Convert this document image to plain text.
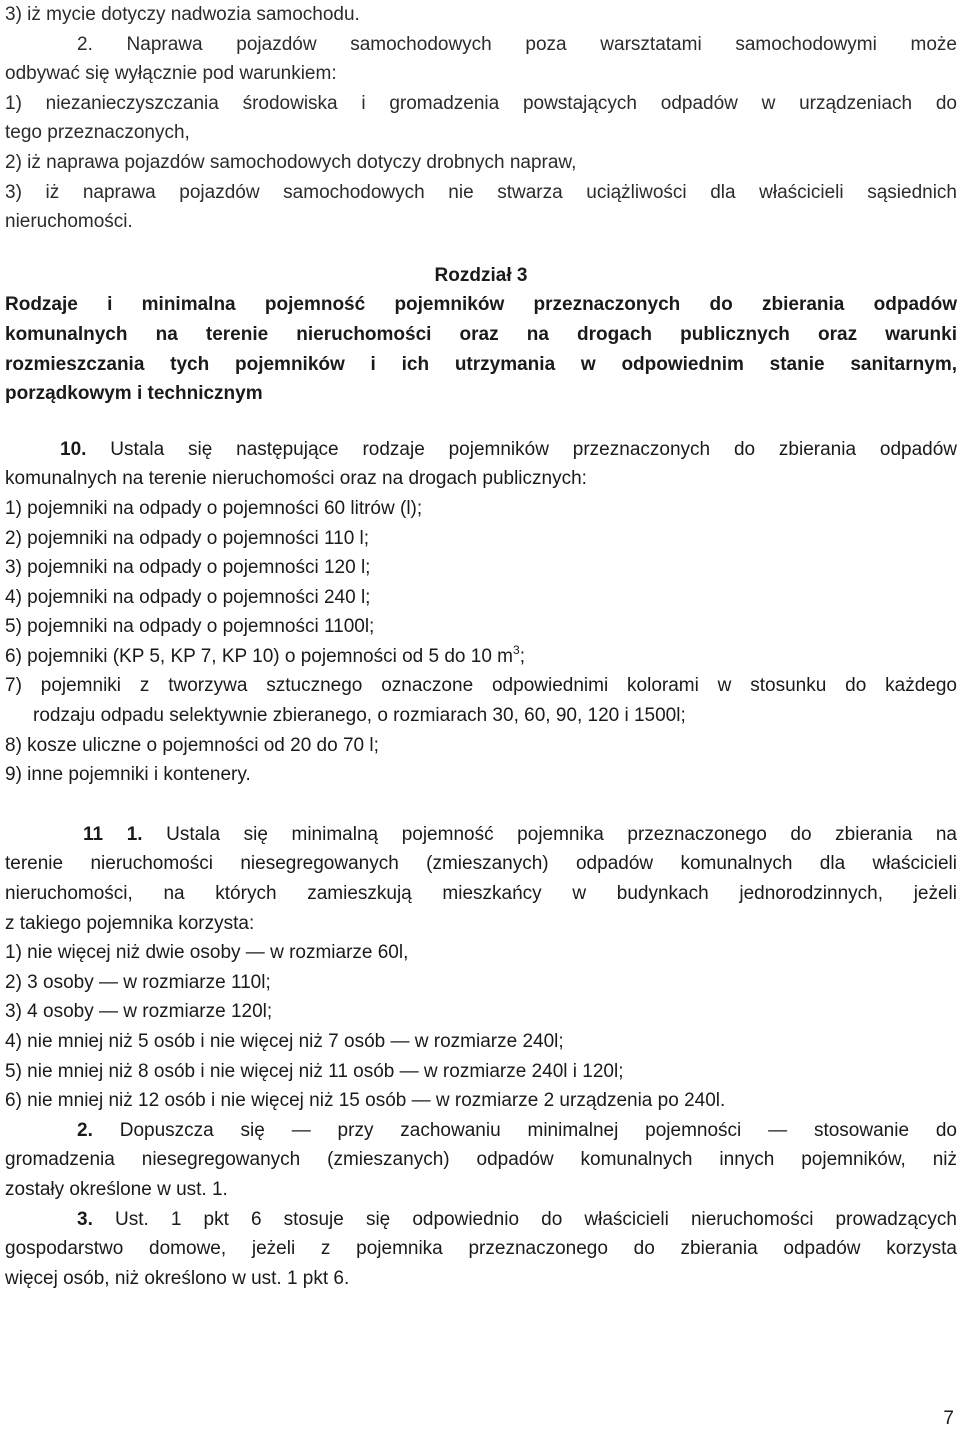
3) iż mycie dotyczy nadwozia samochodu.

2. Naprawa pojazdów samochodowych poza warsztatami samochodowymi może

odbywać się wyłącznie pod warunkiem:

1) niezanieczyszczania środowiska i gromadzenia powstających odpadów w urządzeniach do

tego przeznaczonych,

2) iż naprawa pojazdów samochodowych dotyczy drobnych napraw,

3) iż naprawa pojazdów samochodowych nie stwarza uciążliwości dla właścicieli sąsiednich

nieruchomości.

Rozdział 3

Rodzaje i minimalna pojemność pojemników przeznaczonych do zbierania odpadów

komunalnych na terenie nieruchomości oraz na drogach publicznych oraz warunki

rozmieszczania tych pojemników i ich utrzymania w odpowiednim stanie sanitarnym,

porządkowym i technicznym

10. Ustala się następujące rodzaje pojemników przeznaczonych do zbierania odpadów

komunalnych na terenie nieruchomości oraz na drogach publicznych:

1) pojemniki na odpady o pojemności 60 litrów (l);

2) pojemniki na odpady o pojemności 110 l;

3) pojemniki na odpady o pojemności 120 l;

4) pojemniki na odpady o pojemności 240 l;

5) pojemniki na odpady o pojemności 1100l;

6) pojemniki (KP 5, KP 7, KP 10) o pojemności od 5 do 10 $m^3$;

7) pojemniki z tworzywa sztucznego oznaczone odpowiednimi kolorami w stosunku do każdego

rodzaju odpadu selektywnie zbieranego, o rozmiarach 30, 60, 90, 120 i 1500l;

8) kosze uliczne o pojemności od 20 do 70 l;

9) inne pojemniki i kontenery.

11 1. Ustala się minimalną pojemność pojemnika przeznaczonego do zbierania na

terenie nieruchomości niesegregowanych (zmieszanych) odpadów komunalnych dla właścicieli

nieruchomości, na których zamieszkują mieszkańcy w budynkach jednorodzinnych, jeżeli

z takiego pojemnika korzysta:

1) nie więcej niż dwie osoby — w rozmiarze 60l,

2) 3 osoby — w rozmiarze 110l;

3) 4 osoby — w rozmiarze 120l;

4) nie mniej niż 5 osób i nie więcej niż 7 osób — w rozmiarze 240l;

5) nie mniej niż 8 osób i nie więcej niż 11 osób — w rozmiarze 240l i 120l;

6) nie mniej niż 12 osób i nie więcej niż 15 osób — w rozmiarze 2 urządzenia po 240l.

2. Dopuszcza się — przy zachowaniu minimalnej pojemności — stosowanie do

gromadzenia niesegregowanych (zmieszanych) odpadów komunalnych innych pojemników, niż

zostały określone w ust. 1.

3. Ust. 1 pkt 6 stosuje się odpowiednio do właścicieli nieruchomości prowadzących

gospodarstwo domowe, jeżeli z pojemnika przeznaczonego do zbierania odpadów korzysta

więcej osób, niż określono w ust. 1 pkt 6.

7
